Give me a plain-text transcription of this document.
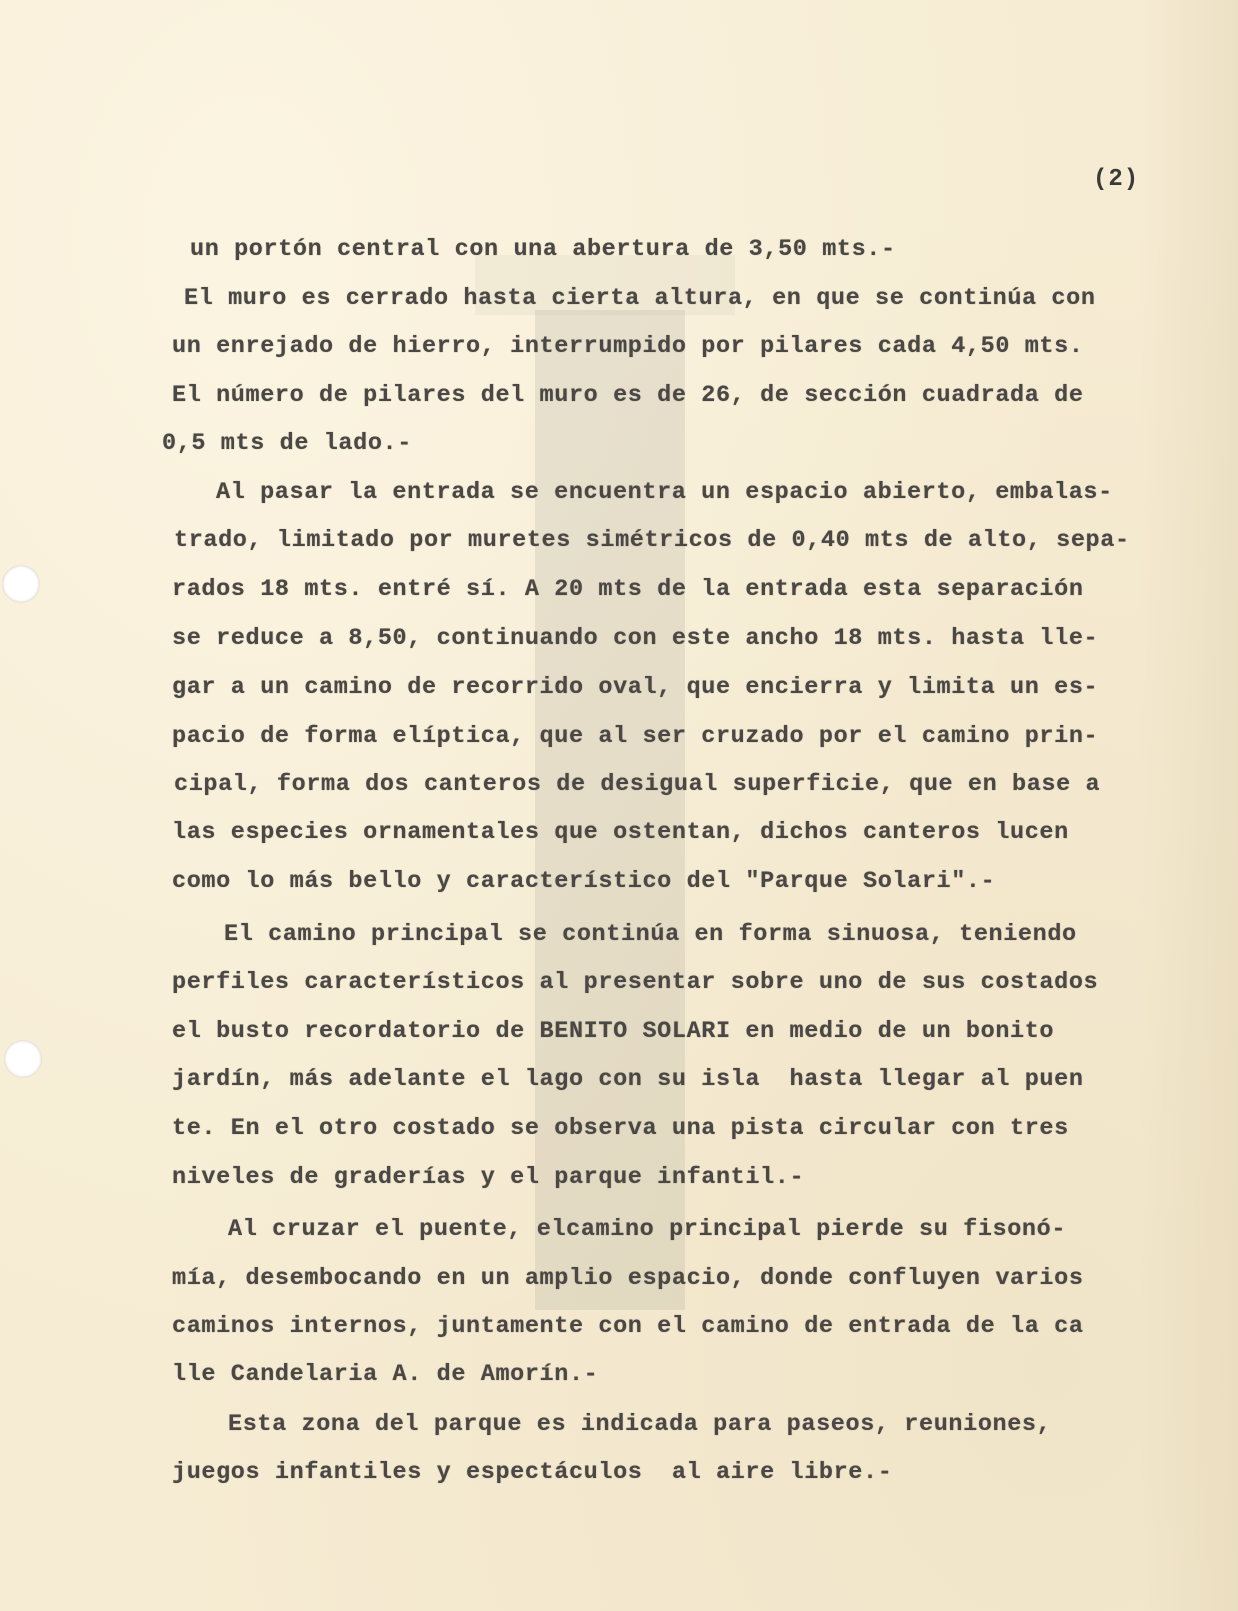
(2)
un portón central con una abertura de 3,50 mts.-
El muro es cerrado hasta cierta altura, en que se continúa con
un enrejado de hierro, interrumpido por pilares cada 4,50 mts.
El número de pilares del muro es de 26, de sección cuadrada de
0,5 mts de lado.-
Al pasar la entrada se encuentra un espacio abierto, embalas-
trado, limitado por muretes simétricos de 0,40 mts de alto, sepa-
rados 18 mts. entré sí. A 20 mts de la entrada esta separación
se reduce a 8,50, continuando con este ancho 18 mts. hasta lle-
gar a un camino de recorrido oval, que encierra y limita un es-
pacio de forma elíptica, que al ser cruzado por el camino prin-
cipal, forma dos canteros de desigual superficie, que en base a
las especies ornamentales que ostentan, dichos canteros lucen
como lo más bello y característico del "Parque Solari".-
El camino principal se continúa en forma sinuosa, teniendo
perfiles característicos al presentar sobre uno de sus costados
el busto recordatorio de BENITO SOLARI en medio de un bonito
jardín, más adelante el lago con su isla  hasta llegar al puen
te. En el otro costado se observa una pista circular con tres
niveles de graderías y el parque infantil.-
Al cruzar el puente, elcamino principal pierde su fisonó-
mía, desembocando en un amplio espacio, donde confluyen varios
caminos internos, juntamente con el camino de entrada de la ca
lle Candelaria A. de Amorín.-
Esta zona del parque es indicada para paseos, reuniones,
juegos infantiles y espectáculos  al aire libre.-
